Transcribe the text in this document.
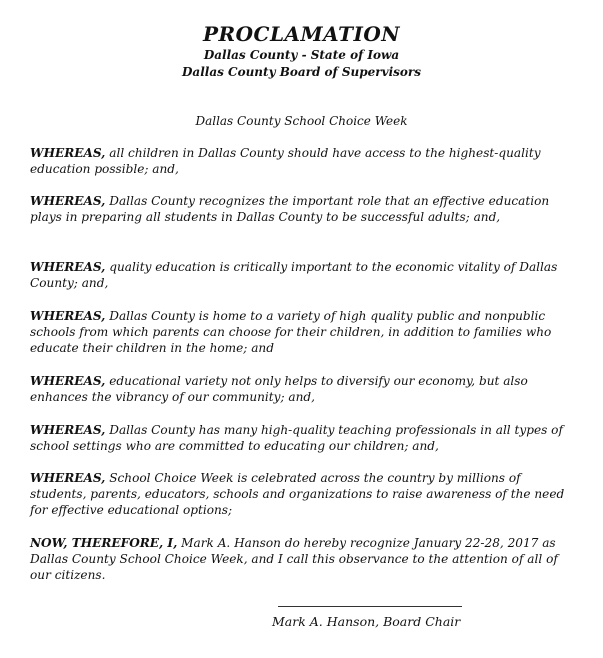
PROCLAMATION

Dallas County - State of Iowa

Dallas County Board of Supervisors

Dallas County School Choice Week

WHEREAS, all children in Dallas County should have access to the highest-quality education possible; and,

WHEREAS, Dallas County recognizes the important role that an effective education plays in preparing all students in Dallas County to be successful adults; and,

WHEREAS, quality education is critically important to the economic vitality of Dallas County; and,

WHEREAS, Dallas County is home to a variety of high quality public and nonpublic schools from which parents can choose for their children, in addition to families who educate their children in the home; and

WHEREAS, educational variety not only helps to diversify our economy, but also enhances the vibrancy of our community; and,

WHEREAS, Dallas County has many high-quality teaching professionals in all types of school settings who are committed to educating our children; and,

WHEREAS, School Choice Week is celebrated across the country by millions of students, parents, educators, schools and organizations to raise awareness of the need for effective educational options;

NOW, THEREFORE, I, Mark A. Hanson do hereby recognize January 22-28, 2017 as Dallas County School Choice Week, and I call this observance to the attention of all of our citizens.

Mark A. Hanson, Board Chair
